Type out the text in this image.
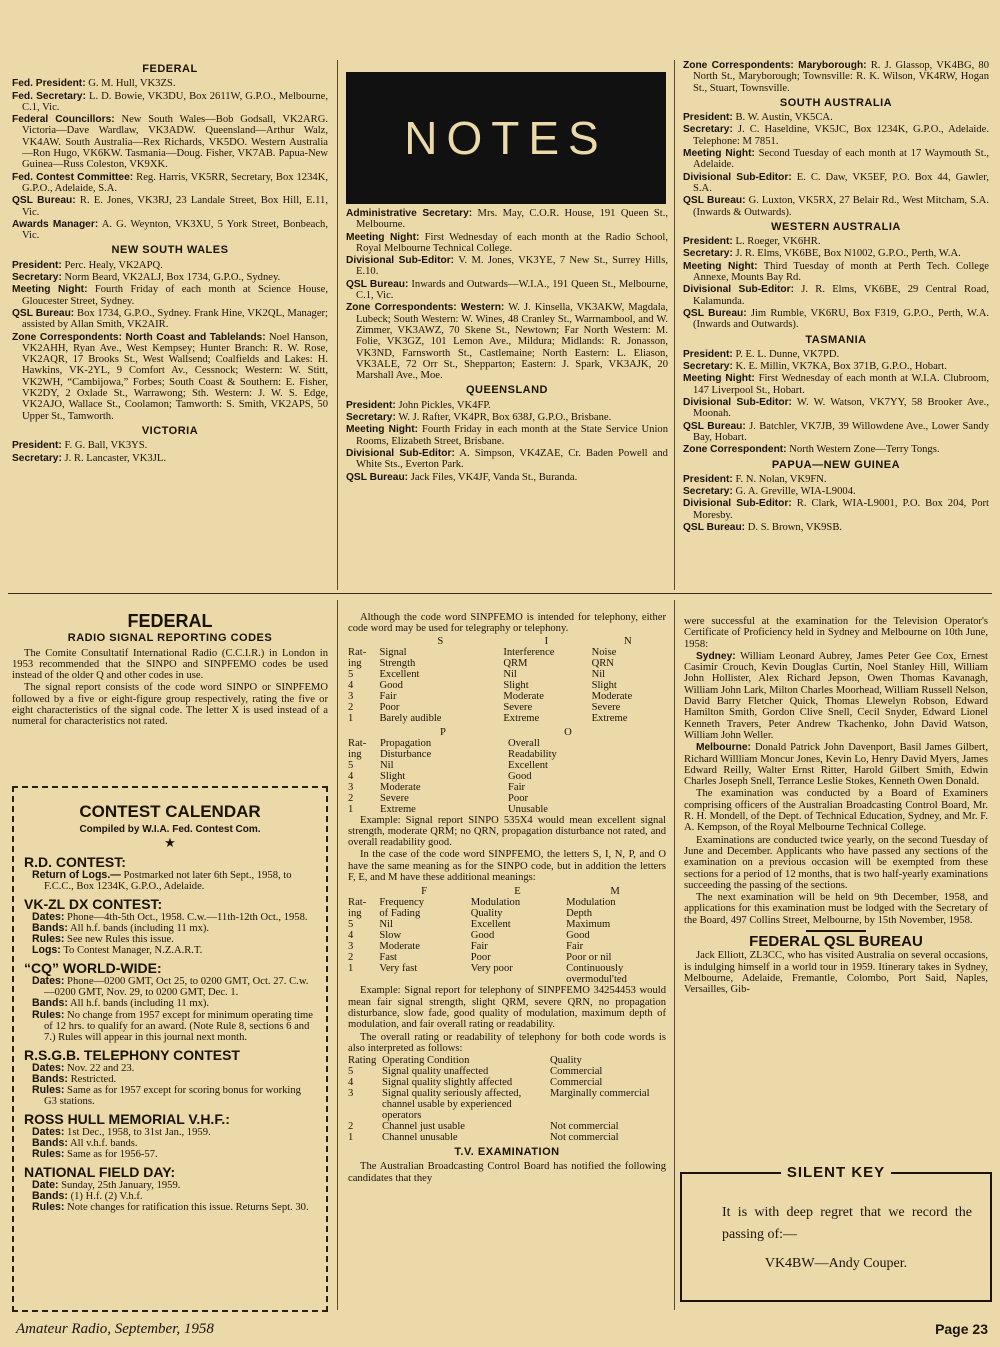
FEDERAL

Fed. President: G. M. Hull, VK3ZS.

Fed. Secretary: L. D. Bowie, VK3DU, Box 2611W, G.P.O., Melbourne, C.1, Vic.

Federal Councillors: New South Wales—Bob Godsall, VK2ARG. Victoria—Dave Wardlaw, VK3ADW. Queensland—Arthur Walz, VK4AW. South Australia—Rex Richards, VK5DO. Western Australia—Ron Hugo, VK6KW. Tasmania—Doug. Fisher, VK7AB. Papua-New Guinea—Russ Coleston, VK9XK.

Fed. Contest Committee: Reg. Harris, VK5RR, Secretary, Box 1234K, G.P.O., Adelaide, S.A.

QSL Bureau: R. E. Jones, VK3RJ, 23 Landale Street, Box Hill, E.11, Vic.

Awards Manager: A. G. Weynton, VK3XU, 5 York Street, Bonbeach, Vic.

NEW SOUTH WALES

President: Perc. Healy, VK2APQ.

Secretary: Norm Beard, VK2ALJ, Box 1734, G.P.O., Sydney.

Meeting Night: Fourth Friday of each month at Science House, Gloucester Street, Sydney.

QSL Bureau: Box 1734, G.P.O., Sydney. Frank Hine, VK2QL, Manager; assisted by Allan Smith, VK2AIR.

Zone Correspondents: North Coast and Tablelands: Noel Hanson, VK2AHH, Ryan Ave., West Kempsey; Hunter Branch: R. W. Rose, VK2AQR, 17 Brooks St., West Wallsend; Coalfields and Lakes: H. Hawkins, VK-2YL, 9 Comfort Av., Cessnock; Western: W. Stitt, VK2WH, “Cambijowa,” Forbes; South Coast & Southern: E. Fisher, VK2DY, 2 Oxlade St., Warrawong; Sth. Western: J. W. S. Edge, VK2AJO, Wallace St., Coolamon; Tamworth: S. Smith, VK2APS, 50 Upper St., Tamworth.

VICTORIA

President: F. G. Ball, VK3YS.

Secretary: J. R. Lancaster, VK3JL.

NOTES

Administrative Secretary: Mrs. May, C.O.R. House, 191 Queen St., Melbourne.

Meeting Night: First Wednesday of each month at the Radio School, Royal Melbourne Technical College.

Divisional Sub-Editor: V. M. Jones, VK3YE, 7 New St., Surrey Hills, E.10.

QSL Bureau: Inwards and Outwards—W.I.A., 191 Queen St., Melbourne, C.1, Vic.

Zone Correspondents: Western: W. J. Kinsella, VK3AKW, Magdala, Lubeck; South Western: W. Wines, 48 Cranley St., Warrnambool, and W. Zimmer, VK3AWZ, 70 Skene St., Newtown; Far North Western: M. Folie, VK3GZ, 101 Lemon Ave., Mildura; Midlands: R. Jonasson, VK3ND, Farnsworth St., Castlemaine; North Eastern: L. Eliason, VK3ALE, 72 Orr St., Shepparton; Eastern: J. Spark, VK3AJK, 20 Marshall Ave., Moe.

QUEENSLAND

President: John Pickles, VK4FP.

Secretary: W. J. Rafter, VK4PR, Box 638J, G.P.O., Brisbane.

Meeting Night: Fourth Friday in each month at the State Service Union Rooms, Elizabeth Street, Brisbane.

Divisional Sub-Editor: A. Simpson, VK4ZAE, Cr. Baden Powell and White Sts., Everton Park.

QSL Bureau: Jack Files, VK4JF, Vanda St., Buranda.

Zone Correspondents: Maryborough: R. J. Glassop, VK4BG, 80 North St., Maryborough; Townsville: R. K. Wilson, VK4RW, Hogan St., Stuart, Townsville.

SOUTH AUSTRALIA

President: B. W. Austin, VK5CA.

Secretary: J. C. Haseldine, VK5JC, Box 1234K, G.P.O., Adelaide. Telephone: M 7851.

Meeting Night: Second Tuesday of each month at 17 Waymouth St., Adelaide.

Divisional Sub-Editor: E. C. Daw, VK5EF, P.O. Box 44, Gawler, S.A.

QSL Bureau: G. Luxton, VK5RX, 27 Belair Rd., West Mitcham, S.A. (Inwards & Outwards).

WESTERN AUSTRALIA

President: L. Roeger, VK6HR.

Secretary: J. R. Elms, VK6BE, Box N1002, G.P.O., Perth, W.A.

Meeting Night: Third Tuesday of month at Perth Tech. College Annexe, Mounts Bay Rd.

Divisional Sub-Editor: J. R. Elms, VK6BE, 29 Central Road, Kalamunda.

QSL Bureau: Jim Rumble, VK6RU, Box F319, G.P.O., Perth, W.A. (Inwards and Outwards).

TASMANIA

President: P. E. L. Dunne, VK7PD.

Secretary: K. E. Millin, VK7KA, Box 371B, G.P.O., Hobart.

Meeting Night: First Wednesday of each month at W.I.A. Clubroom, 147 Liverpool St., Hobart.

Divisional Sub-Editor: W. W. Watson, VK7YY, 58 Brooker Ave., Moonah.

QSL Bureau: J. Batchler, VK7JB, 39 Willowdene Ave., Lower Sandy Bay, Hobart.

Zone Correspondent: North Western Zone—Terry Tongs.

PAPUA—NEW GUINEA

President: F. N. Nolan, VK9FN.

Secretary: G. A. Greville, WIA-L9004.

Divisional Sub-Editor: R. Clark, WIA-L9001, P.O. Box 204, Port Moresby.

QSL Bureau: D. S. Brown, VK9SB.

FEDERAL
RADIO SIGNAL REPORTING CODES

The Comite Consultatif International Radio (C.C.I.R.) in London in 1953 recommended that the SINPO and SINPFEMO codes be used instead of the older Q and other codes in use.

The signal report consists of the code word SINPO or SINPFEMO followed by a five or eight-figure group respectively, rating the five or eight characteristics of the signal code. The letter X is used instead of a numeral for characteristics not rated.

CONTEST CALENDAR
Compiled by W.I.A. Fed. Contest Com.
★
R.D. CONTEST:

Return of Logs.— Postmarked not later 6th Sept., 1958, to F.C.C., Box 1234K, G.P.O., Adelaide.

VK-ZL DX CONTEST:

Dates: Phone—4th-5th Oct., 1958. C.w.—11th-12th Oct., 1958.

Bands: All h.f. bands (including 11 mx).

Rules: See new Rules this issue.

Logs: To Contest Manager, N.Z.A.R.T.

“CQ” WORLD-WIDE:

Dates: Phone—0200 GMT, Oct 25, to 0200 GMT, Oct. 27. C.w.—0200 GMT, Nov. 29, to 0200 GMT, Dec. 1.

Bands: All h.f. bands (including 11 mx).

Rules: No change from 1957 except for minimum operating time of 12 hrs. to qualify for an award. (Note Rule 8, sections 6 and 7.) Rules will appear in this journal next month.

R.S.G.B. TELEPHONY CONTEST

Dates: Nov. 22 and 23.

Bands: Restricted.

Rules: Same as for 1957 except for scoring bonus for working G3 stations.

ROSS HULL MEMORIAL V.H.F.:

Dates: 1st Dec., 1958, to 31st Jan., 1959.

Bands: All v.h.f. bands.

Rules: Same as for 1956-57.

NATIONAL FIELD DAY:

Date: Sunday, 25th January, 1959.

Bands: (1) H.f. (2) V.h.f.

Rules: Note changes for ratification this issue. Returns Sept. 30.

Although the code word SINPFEMO is intended for telephony, either code word may be used for telegraphy or telephony.

	S	I	N
Rat-	Signal	Interference	Noise
ing	Strength	QRM	QRN
5	Excellent	Nil	Nil
4	Good	Slight	Slight
3	Fair	Moderate	Moderate
2	Poor	Severe	Severe
1	Barely audible	Extreme	Extreme
	P	O
Rat-	Propagation	Overall
ing	Disturbance	Readability
5	Nil	Excellent
4	Slight	Good
3	Moderate	Fair
2	Severe	Poor
1	Extreme	Unusable

Example: Signal report SINPO 535X4 would mean excellent signal strength, moderate QRM; no QRN, propagation disturbance not rated, and overall readability good.

In the case of the code word SINPFEMO, the letters S, I, N, P, and O have the same meaning as for the SINPO code, but in addition the letters F, E, and M have these additional meanings:

	F	E	M
Rat-	Frequency	Modulation	Modulation
ing	of Fading	Quality	Depth
5	Nil	Excellent	Maximum
4	Slow	Good	Good
3	Moderate	Fair	Fair
2	Fast	Poor	Poor or nil
1	Very fast	Very poor	Continuously overmodul'ted

Example: Signal report for telephony of SINPFEMO 34254453 would mean fair signal strength, slight QRM, severe QRN, no propagation disturbance, slow fade, good quality of modulation, maximum depth of modulation, and fair overall rating or readability.

The overall rating or readability of telephony for both code words is also interpreted as follows:

Rating	Operating Condition	Quality
5	Signal quality unaffected	Commercial
4	Signal quality slightly affected	Commercial
3	Signal quality seriously affected, channel usable by experienced operators	Marginally commercial
2	Channel just usable	Not commercial
1	Channel unusable	Not commercial
T.V. EXAMINATION

The Australian Broadcasting Control Board has notified the following candidates that they

were successful at the examination for the Television Operator's Certificate of Proficiency held in Sydney and Melbourne on 10th June, 1958:

Sydney: William Leonard Aubrey, James Peter Gee Cox, Ernest Casimir Crouch, Kevin Douglas Curtin, Noel Stanley Hill, William John Hollister, Alex Richard Jepson, Owen Thomas Kavanagh, William John Lark, Milton Charles Moorhead, William Russell Nelson, David Barry Fletcher Quick, Thomas Llewelyn Robson, Edward Hamilton Smith, Gordon Clive Snell, Cecil Snyder, Edward Lionel Kenneth Travers, Peter Andrew Tkachenko, John David Watson, William John Weller.

Melbourne: Donald Patrick John Davenport, Basil James Gilbert, Richard Willliam Moncur Jones, Kevin Lo, Henry David Myers, James Edward Reilly, Walter Ernst Ritter, Harold Gilbert Smith, Edwin Charles Joseph Snell, Terrance Leslie Stokes, Kenneth Owen Donald.

The examination was conducted by a Board of Examiners comprising officers of the Australian Broadcasting Control Board, Mr. R. H. Mondell, of the Dept. of Technical Education, Sydney, and Mr. F. A. Kempson, of the Royal Melbourne Technical College.

Examinations are conducted twice yearly, on the second Tuesday of June and December. Applicants who have passed any sections of the examination on a previous occasion will be exempted from these sections for a period of 12 months, that is two half-yearly examinations succeeding the passing of the sections.

The next examination will be held on 9th December, 1958, and applications for this examination must be lodged with the Secretary of the Board, 497 Collins Street, Melbourne, by 15th November, 1958.

FEDERAL QSL BUREAU

Jack Elliott, ZL3CC, who has visited Australia on several occasions, is indulging himself in a world tour in 1959. Itinerary takes in Sydney, Melbourne, Adelaide, Fremantle, Colombo, Port Said, Naples, Versailles, Gib-

SILENT KEY
It is with deep regret that we record the passing of:—
VK4BW—Andy Couper.
Amateur Radio, September, 1958	Page 23
